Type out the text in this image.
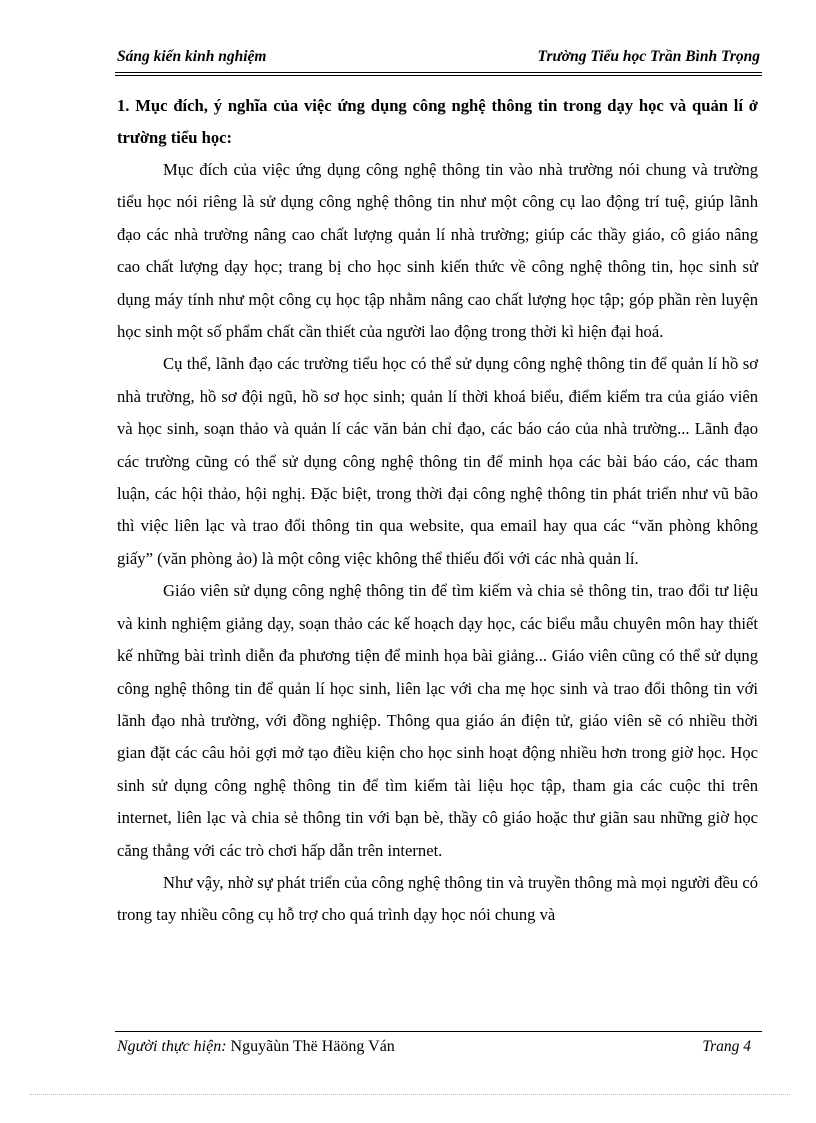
Sáng kiến kinh nghiệm	Trường Tiểu học Trần Bình Trọng
1. Mục đích, ý nghĩa của việc ứng dụng công nghệ thông tin trong dạy học và quản lí ở trường tiểu học:

Mục đích của việc ứng dụng công nghệ thông tin vào nhà trường nói chung và trường tiểu học nói riêng là sử dụng công nghệ thông tin như một công cụ lao động trí tuệ, giúp lãnh đạo các nhà trường nâng cao chất lượng quản lí nhà trường; giúp các thầy giáo, cô giáo nâng cao chất lượng dạy học; trang bị cho học sinh kiến thức về công nghệ thông tin, học sinh sử dụng máy tính như một công cụ học tập nhằm nâng cao chất lượng học tập; góp phần rèn luyện học sinh một số phẩm chất cần thiết của người lao động trong thời kì hiện đại hoá.

Cụ thể, lãnh đạo các trường tiểu học có thể sử dụng công nghệ thông tin để quản lí hồ sơ nhà trường, hồ sơ đội ngũ, hồ sơ học sinh; quản lí thời khoá biểu, điểm kiểm tra của giáo viên và học sinh, soạn thảo và quản lí các văn bản chỉ đạo, các báo cáo của nhà trường... Lãnh đạo các trường cũng có thể sử dụng công nghệ thông tin để minh họa các bài báo cáo, các tham luận, các hội thảo, hội nghị. Đặc biệt, trong thời đại công nghệ thông tin phát triển như vũ bão thì việc liên lạc và trao đổi thông tin qua website, qua email hay qua các “văn phòng không giấy” (văn phòng ảo) là một công việc không thể thiếu đối với các nhà quản lí.

Giáo viên sử dụng công nghệ thông tin để tìm kiếm và chia sẻ thông tin, trao đổi tư liệu và kinh nghiệm giảng dạy, soạn thảo các kế hoạch dạy học, các biểu mẫu chuyên môn hay thiết kế những bài trình diễn đa phương tiện để minh họa bài giảng... Giáo viên cũng có thể sử dụng công nghệ thông tin để quản lí học sinh, liên lạc với cha mẹ học sinh và trao đổi thông tin với lãnh đạo nhà trường, với đồng nghiệp. Thông qua giáo án điện tử, giáo viên sẽ có nhiều thời gian đặt các câu hỏi gợi mở tạo điều kiện cho học sinh hoạt động nhiều hơn trong giờ học. Học sinh sử dụng công nghệ thông tin để tìm kiếm tài liệu học tập, tham gia các cuộc thi trên internet, liên lạc và chia sẻ thông tin với bạn bè, thầy cô giáo hoặc thư giãn sau những giờ học căng thẳng với các trò chơi hấp dẫn trên internet.

Như vậy, nhờ sự phát triển của công nghệ thông tin và truyền thông mà mọi người đều có trong tay nhiều công cụ hỗ trợ cho quá trình dạy học nói chung và

Người thực hiện: Nguyãùn Thë Häöng Ván	Trang 4
